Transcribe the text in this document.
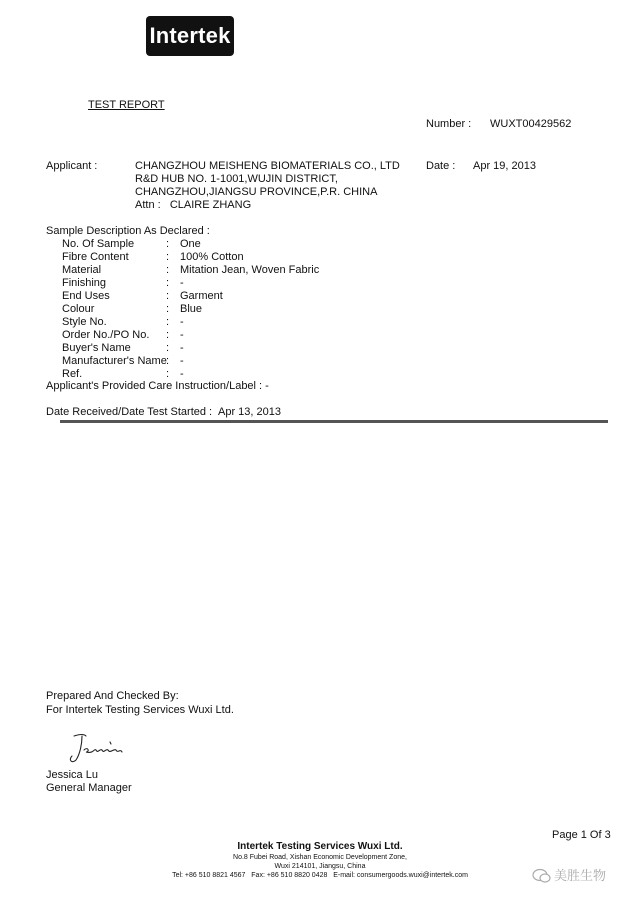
Intertek
TEST REPORT
Number : WUXT00429562
Applicant :	CHANGZHOU MEISHENG BIOMATERIALS CO., LTD
R&D HUB NO. 1-1001,WUJIN DISTRICT,
CHANGZHOU,JIANGSU PROVINCE,P.R. CHINA
Attn :   CLAIRE ZHANG
Date : Apr 19, 2013
Sample Description As Declared :
No. Of Sample	: One
Fibre Content	: 100% Cotton
Material	: Mitation Jean, Woven Fabric
Finishing	: -
End Uses	: Garment
Colour	: Blue
Style No.	: -
Order No./PO No. : -
Buyer's Name	: -
Manufacturer's Name : -
Ref.	: -
Applicant's Provided Care Instruction/Label : -
Date Received/Date Test Started : Apr 13, 2013
Prepared And Checked By:
For Intertek Testing Services Wuxi Ltd.
Jessica Lu
General Manager
Page 1 Of 3
Intertek Testing Services Wuxi Ltd.
No.8 Fubei Road, Xishan Economic Development Zone,
Wuxi 214101, Jiangsu, China
Tel: +86 510 8821 4567   Fax: +86 510 8820 0428   E-mail: consumergoods.wuxi@intertek.com	美胜生物
